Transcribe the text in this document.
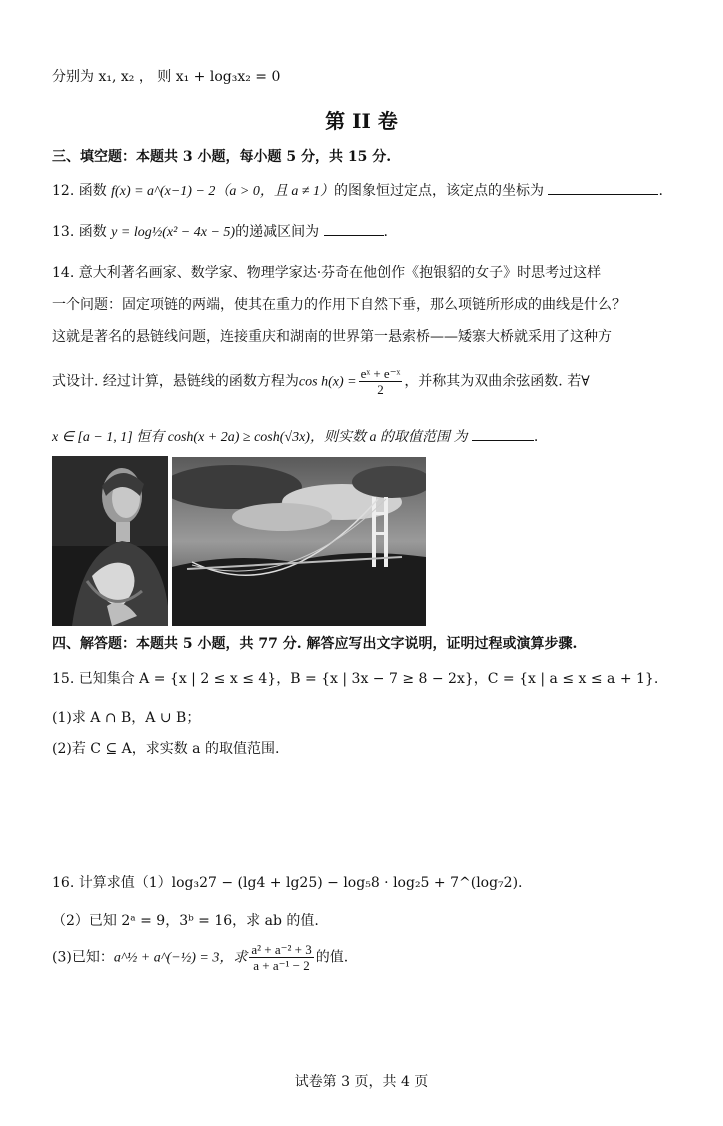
分别为 x₁, x₂ ， 则 x₁ + log₃x₂ = 0
第 II 卷
三、填空题：本题共 3 小题，每小题 5 分，共 15 分.
12. 函数 f(x) = a^(x−1) − 2（a > 0，且 a ≠ 1）的图象恒过定点，该定点的坐标为	.
13. 函数 y = log½(x² − 4x − 5)的递减区间为	.
14. 意大利著名画家、数学家、物理学家达·芬奇在他创作《抱银貂的女子》时思考过这样
一个问题：固定项链的两端，使其在重力的作用下自然下垂，那么项链所形成的曲线是什么？
这就是著名的悬链线问题，连接重庆和湖南的世界第一悬索桥——矮寨大桥就采用了这种方
式设计. 经过计算，悬链线的函数方程为$\cos h(x) = \frac{\text{eˣ + e⁻ˣ}}{2}$ ，并称其为双曲余弦函数. 若∀
x ∈ [a − 1, 1] 恒有 cosh(x + 2a) ≥ cosh(√3x)，则实数 a 的取值范围 为	.
四、解答题：本题共 5 小题，共 77 分. 解答应写出文字说明，证明过程或演算步骤.
15. 已知集合 A = {x | 2 ≤ x ≤ 4}，B = {x | 3x − 7 ≥ 8 − 2x}，C = {x | a ≤ x ≤ a + 1}.
(1)求 A ∩ B，A ∪ B；
(2)若 C ⊆ A，求实数 a 的取值范围.
16. 计算求值（1）log₃27 − (lg4 + lg25) − log₅8 · log₂5 + 7^(log₇2).
（2）已知 2ᵃ = 9，3ᵇ = 16，求 ab 的值.
(3)已知：a^½ + a^(−½) = 3，求 $\frac{\text{a² + a⁻² + 3}}{\text{a + a⁻¹ − 2}}$ 的值.
试卷第 3 页，共 4 页
